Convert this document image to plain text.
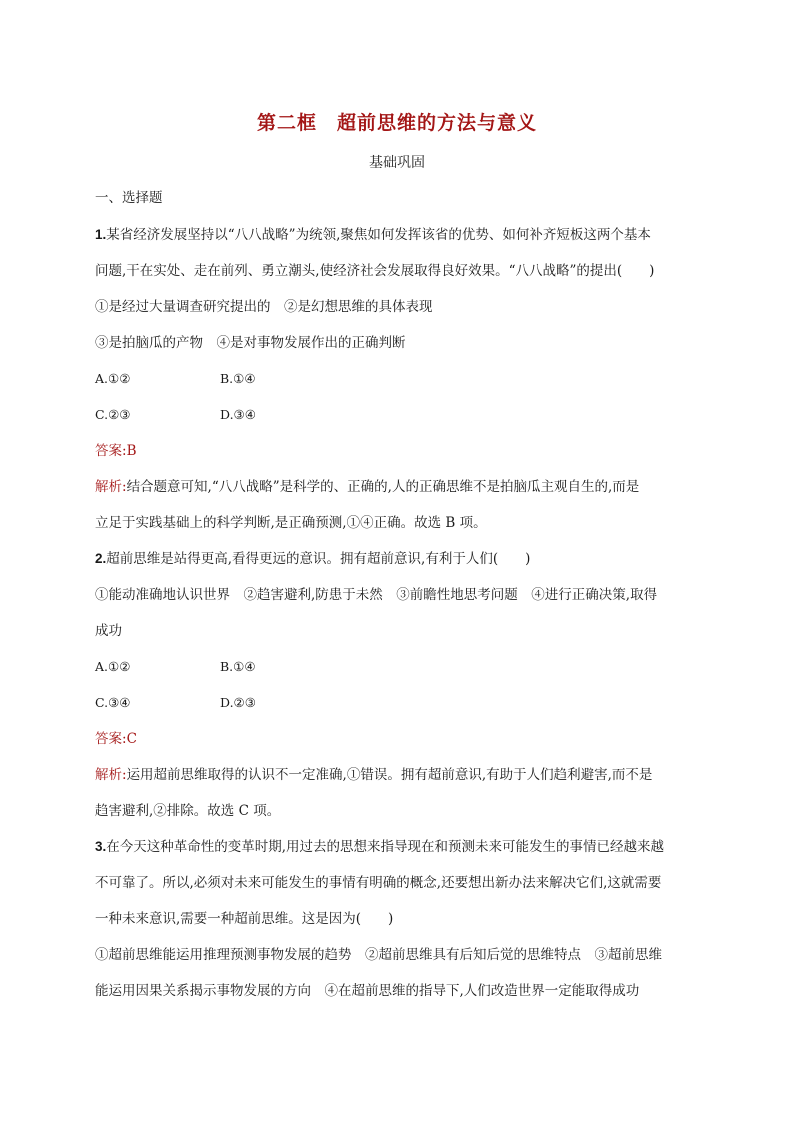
第二框　超前思维的方法与意义
基础巩固
一、选择题
1.某省经济发展坚持以“八八战略”为统领,聚焦如何发挥该省的优势、如何补齐短板这两个基本
问题,干在实处、走在前列、勇立潮头,使经济社会发展取得良好效果。“八八战略”的提出(　　)
①是经过大量调查研究提出的　②是幻想思维的具体表现
③是拍脑瓜的产物　④是对事物发展作出的正确判断
A.①②	B.①④
C.②③	D.③④
答案:B
解析:结合题意可知,“八八战略”是科学的、正确的,人的正确思维不是拍脑瓜主观自生的,而是
立足于实践基础上的科学判断,是正确预测,①④正确。故选 B 项。
2.超前思维是站得更高,看得更远的意识。拥有超前意识,有利于人们(　　)
①能动准确地认识世界　②趋害避利,防患于未然　③前瞻性地思考问题　④进行正确决策,取得
成功
A.①②	B.①④
C.③④	D.②③
答案:C
解析:运用超前思维取得的认识不一定准确,①错误。拥有超前意识,有助于人们趋利避害,而不是
趋害避利,②排除。故选 C 项。
3.在今天这种革命性的变革时期,用过去的思想来指导现在和预测未来可能发生的事情已经越来越
不可靠了。所以,必须对未来可能发生的事情有明确的概念,还要想出新办法来解决它们,这就需要
一种未来意识,需要一种超前思维。这是因为(　　)
①超前思维能运用推理预测事物发展的趋势　②超前思维具有后知后觉的思维特点　③超前思维
能运用因果关系揭示事物发展的方向　④在超前思维的指导下,人们改造世界一定能取得成功
